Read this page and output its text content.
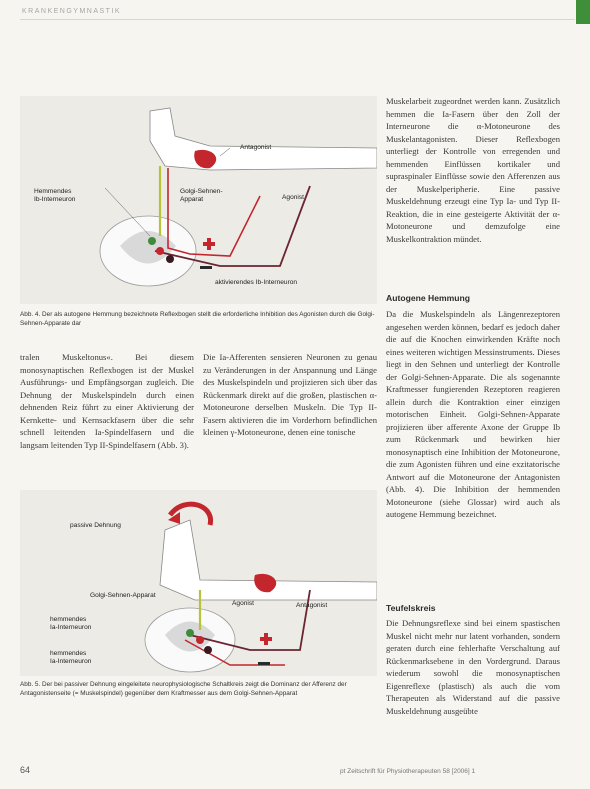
KRANKENGYMNASTIK
Antagonist
Hemmendes
Ib-Interneuron
Golgi-Sehnen-
Apparat	Agonist
aktivierendes Ib-Interneuron
Abb. 4. Der als autogene Hemmung bezeichnete Reflexbogen stellt die erforderliche Inhibition des Agonisten durch die Golgi-Sehnen-Apparate dar
tralen Muskeltonus«. Bei diesem monosynaptischen Reflexbogen ist der Muskel Ausführungs- und Empfängsorgan zugleich. Die Dehnung der Muskelspindeln durch einen dehnenden Reiz führt zu einer Aktivierung der Kernkette- und Kernsackfasern über die sehr schnell leitenden Ia-Spindelfasern und die langsam leitenden Typ II-Spindelfasern (Abb. 3).
Die Ia-Afferenten sensieren Neuronen zu genau zu Veränderungen in der Anspannung und Länge des Muskelspindeln und projizieren sich über das Rückenmark direkt auf die großen, plastischen α-Motoneurone derselben Muskeln. Die Typ II-Fasern aktivieren die im Vorderhorn befindlichen kleinen γ-Motoneurone, denen eine tonische
Muskelarbeit zugeordnet werden kann. Zusätzlich hemmen die Ia-Fasern über den Zoll der Interneurone die α-Motoneurone des Muskelantagonisten. Dieser Reflexbogen unterliegt der Kontrolle von erregenden und hemmenden Einflüssen kortikaler und supraspinaler Einflüsse sowie den Afferenzen aus der Muskelperipherie. Eine passive Muskeldehnung erzeugt eine Typ Ia- und Typ II-Reaktion, die in eine gesteigerte Aktivität der α-Motoneurone und demzufolge eine Muskelkontraktion mündet.
Autogene Hemmung
Da die Muskelspindeln als Längenrezeptoren angesehen werden können, bedarf es jedoch daher die auf die Knochen einwirkenden Kräfte noch eines weiteren wichtigen Messinstruments. Dieses liegt in den Sehnen und unterliegt der Kontrolle der Golgi-Sehnen-Apparate. Die als sogenannte Kraftmesser fungierenden Rezeptoren reagieren allein durch die Kontraktion einer einzigen motorischen Einheit. Golgi-Sehnen-Apparate projizieren über afferente Axone der Gruppe Ib zum Rückenmark und bewirken hier monosynaptisch eine Inhibition der Motoneurone, die zum Agonisten führen und eine exzitatorische Antwort auf die Motoneurone der Antagonisten (Abb. 4). Die Inhibition der hemmenden Motoneurone (siehe Glossar) wird auch als autogene Hemmung bezeichnet.
Teufelskreis
Die Dehnungsreflexe sind bei einem spastischen Muskel nicht mehr nur latent vorhanden, sondern geraten durch eine fehlerhafte Verschaltung auf Rückenmarksebene in den Vordergrund. Daraus wiederum sowohl die monosynaptischen Eigenreflexe (plastisch) als auch die vom Therapeuten als Widerstand auf die passive Muskeldehnung ausgeübte
passive Dehnung
Golgi-Sehnen-Apparat
Agonist	Antagonist
hemmendes
Ia-Interneuron
hemmendes
Ia-Interneuron
Abb. 5. Der bei passiver Dehnung eingeleitete neurophysiologische Schaltkreis zeigt die Dominanz der Afferenz der Antagonistenseite (= Muskelspindel) gegenüber dem Kraftmesser aus dem Golgi-Sehnen-Apparat
64	pt Zeitschrift für Physiotherapeuten 58 [2006] 1
